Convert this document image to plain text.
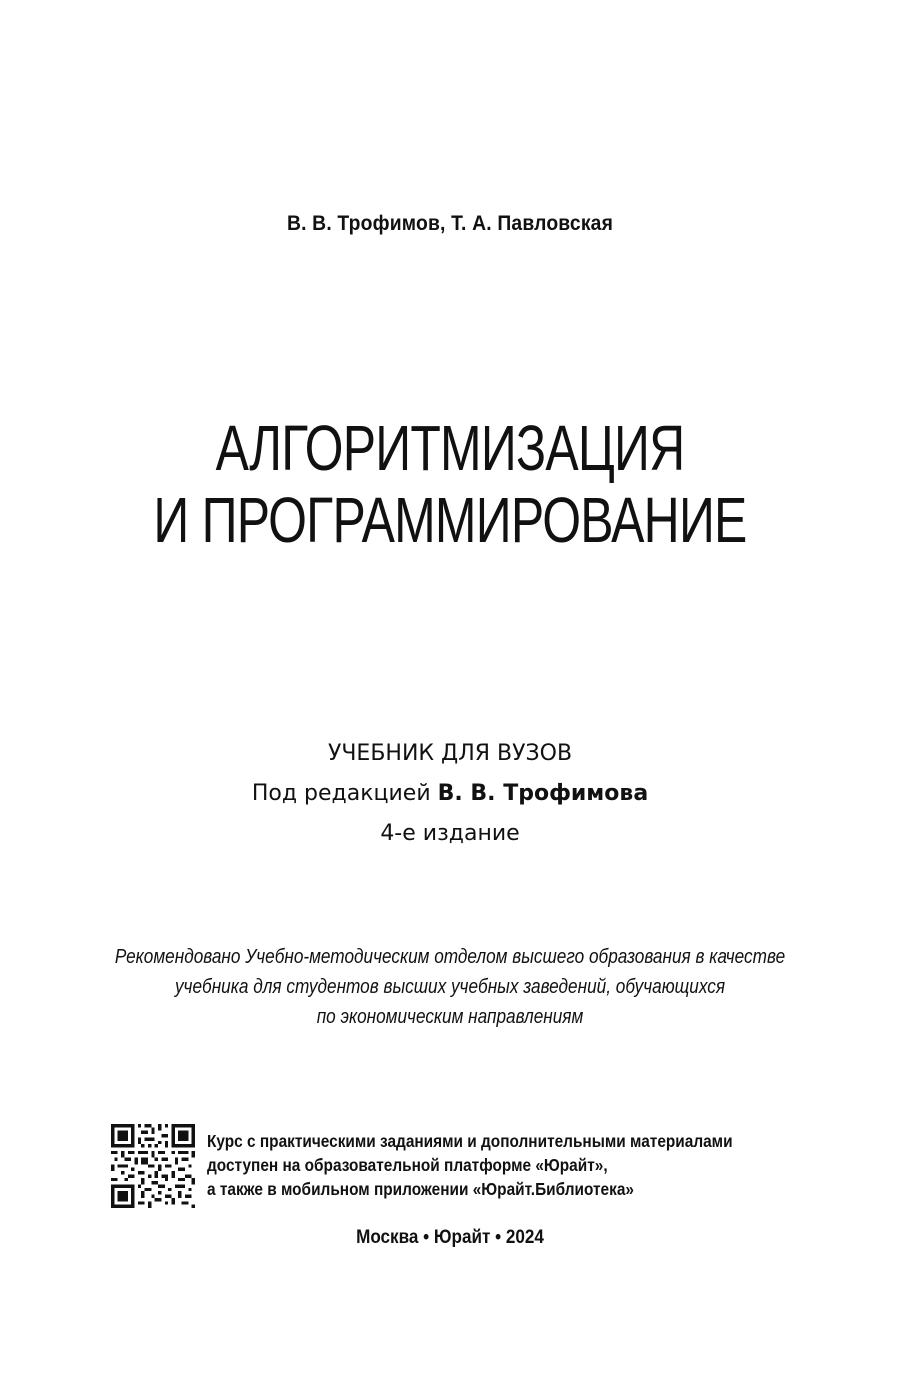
В. В. Трофимов, Т. А. Павловская
АЛГОРИТМИЗАЦИЯ
И ПРОГРАММИРОВАНИЕ
УЧЕБНИК ДЛЯ ВУЗОВ
Под редакцией В. В. Трофимова
4-е издание
Рекомендовано Учебно-методическим отделом высшего образования в качестве
учебника для студентов высших учебных заведений, обучающихся
по экономическим направлениям
Курс с практическими заданиями и дополнительными материалами
доступен на образовательной платформе «Юрайт»,
а также в мобильном приложении «Юрайт.Библиотека»
Москва • Юрайт • 2024
